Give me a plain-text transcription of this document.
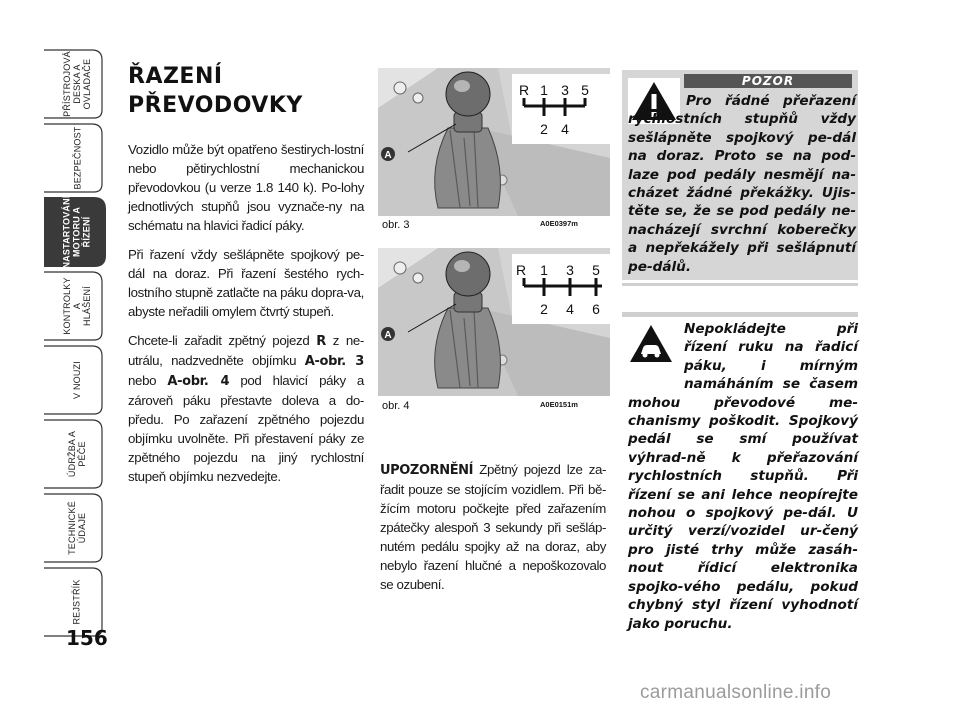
PŘÍSTROJOVÁ
DESKA A
OVLADAČE
BEZPEČNOST
NASTARTOVÁNÍ
MOTORU A
ŘÍZENÍ
KONTROLKY A
HLÁŠENÍ
V NOUZI
ÚDRŽBA A
PÉČE
TECHNICKÉ
ÚDAJE
REJSTŘÍK
156
ŘAZENÍ
PŘEVODOVKY

Vozidlo může být opatřeno šestirych-lostní nebo pětirychlostní mechanickou převodovkou (u verze 1.8 140 k). Po-lohy jednotlivých stupňů jsou vyznače-ny na schématu na hlavici řadicí páky.

Při řazení vždy sešlápněte spojkový pe-dál na doraz. Při řazení šestého rych-lostního stupně zatlačte na páku dopra-va, abyste neřadili omylem čtvrtý stupeň.

Chcete-li zařadit zpětný pojezd R z ne-utrálu, nadzvedněte objímku A-obr. 3 nebo A-obr. 4 pod hlavicí páky a zároveň páku přestavte doleva a do-předu. Po zařazení zpětného pojezdu objímku uvolněte. Při přestavení páky ze zpětného pojezdu na jiný rychlostní stupeň objímku nezvedejte.

A
R 1 3 5
2 4
obr. 3	A0E0397m
A
R 1 3 5
2 4 6
obr. 4	A0E0151m
UPOZORNĚNÍ Zpětný pojezd lze za-řadit pouze se stojícím vozidlem. Při bě-žícím motoru počkejte před zařazením zpátečky alespoň 3 sekundy při sešláp-nutém pedálu spojky až na doraz, aby nebylo řazení hlučné a nepoškozovalo se ozubení.
POZOR
Pro řádné přeřazení rychlostních stupňů vždy sešlápněte spojkový pe-dál na doraz. Proto se na pod-laze pod pedály nesmějí na-cházet žádné překážky. Ujis-těte se, že se pod pedály ne-nacházejí svrchní koberečky a nepřekážely při sešlápnutí pe-dálů.
Nepokládejte při řízení ruku na řadicí páku, i mírným namáháním se časem mohou převodové me-chanismy poškodit. Spojkový pedál se smí používat výhrad-ně k přeřazování rychlostních stupňů. Při řízení se ani lehce neopírejte nohou o spojkový pe-dál. U určitý verzí/vozidel ur-čený pro jisté trhy může zasáh-nout řídicí elektronika spojko-vého pedálu, pokud chybný styl řízení vyhodnotí jako poruchu.
carmanualsonline.info
